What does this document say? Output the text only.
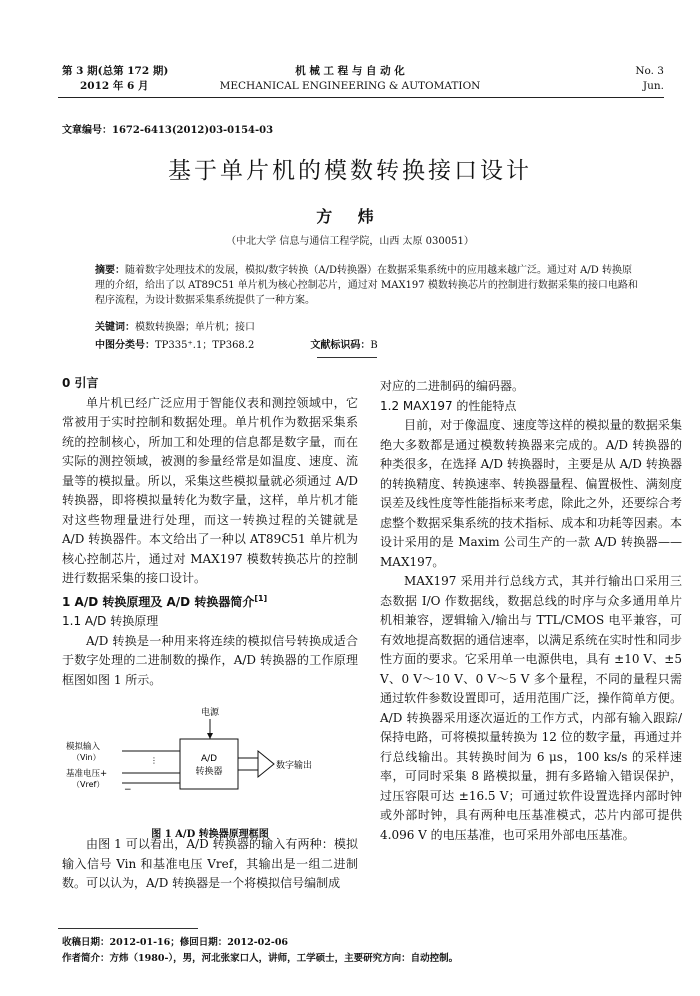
第 3 期(总第 172 期)
2012 年 6 月
机 械 工 程 与 自 动 化
MECHANICAL ENGINEERING & AUTOMATION
No. 3
Jun.
文章编号：1672-6413(2012)03-0154-03
基于单片机的模数转换接口设计
方 炜
（中北大学 信息与通信工程学院，山西 太原 030051）
摘要：随着数字处理技术的发展，模拟/数字转换（A/D转换器）在数据采集系统中的应用越来越广泛。通过对 A/D 转换原理的介绍，给出了以 AT89C51 单片机为核心控制芯片，通过对 MAX197 模数转换芯片的控制进行数据采集的接口电路和程序流程，为设计数据采集系统提供了一种方案。
关键词：模数转换器；单片机；接口
中图分类号：TP335⁺.1；TP368.2	文献标识码：B

0 引言

单片机已经广泛应用于智能仪表和测控领域中，它常被用于实时控制和数据处理。单片机作为数据采集系统的控制核心，所加工和处理的信息都是数字量，而在实际的测控领域，被测的参量经常是如温度、速度、流量等的模拟量。所以，采集这些模拟量就必须通过 A/D 转换器，即将模拟量转化为数字量，这样，单片机才能对这些物理量进行处理，而这一转换过程的关键就是 A/D 转换器件。本文给出了一种以 AT89C51 单片机为核心控制芯片，通过对 MAX197 模数转换芯片的控制进行数据采集的接口设计。

1 A/D 转换原理及 A/D 转换器简介[1]

1.1 A/D 转换原理

A/D 转换是一种用来将连续的模拟信号转换成适合于数字处理的二进制数的操作，A/D 转换器的工作原理框图如图 1 所示。

电源
A/D
转换器
模拟输入
（Vin）	⋮
基准电压+
（Vref）
−
数字输出
图 1 A/D 转换器原理框图

由图 1 可以看出，A/D 转换器的输入有两种：模拟输入信号 Vin 和基准电压 Vref，其输出是一组二进制数。可以认为，A/D 转换器是一个将模拟信号编制成

对应的二进制码的编码器。

1.2 MAX197 的性能特点

目前，对于像温度、速度等这样的模拟量的数据采集绝大多数都是通过模数转换器来完成的。A/D 转换器的种类很多，在选择 A/D 转换器时，主要是从 A/D 转换器的转换精度、转换速率、转换器量程、偏置极性、满刻度误差及线性度等性能指标来考虑，除此之外，还要综合考虑整个数据采集系统的技术指标、成本和功耗等因素。本设计采用的是 Maxim 公司生产的一款 A/D 转换器——MAX197。

MAX197 采用并行总线方式，其并行输出口采用三态数据 I/O 作数据线，数据总线的时序与众多通用单片机相兼容，逻辑输入/输出与 TTL/CMOS 电平兼容，可有效地提高数据的通信速率，以满足系统在实时性和同步性方面的要求。它采用单一电源供电，具有 ±10 V、±5 V、0 V～10 V、0 V～5 V 多个量程，不同的量程只需通过软件参数设置即可，适用范围广泛，操作简单方便。A/D 转换器采用逐次逼近的工作方式，内部有输入跟踪/保持电路，可将模拟量转换为 12 位的数字量，再通过并行总线输出。其转换时间为 6 μs，100 ks/s 的采样速率，可同时采集 8 路模拟量，拥有多路输入错误保护，过压容限可达 ±16.5 V；可通过软件设置选择内部时钟或外部时钟，具有两种电压基准模式，芯片内部可提供 4.096 V 的电压基准，也可采用外部电压基准。

收稿日期：2012-01-16；修回日期：2012-02-06
作者简介：方炜（1980-），男，河北张家口人，讲师，工学硕士，主要研究方向：自动控制。
